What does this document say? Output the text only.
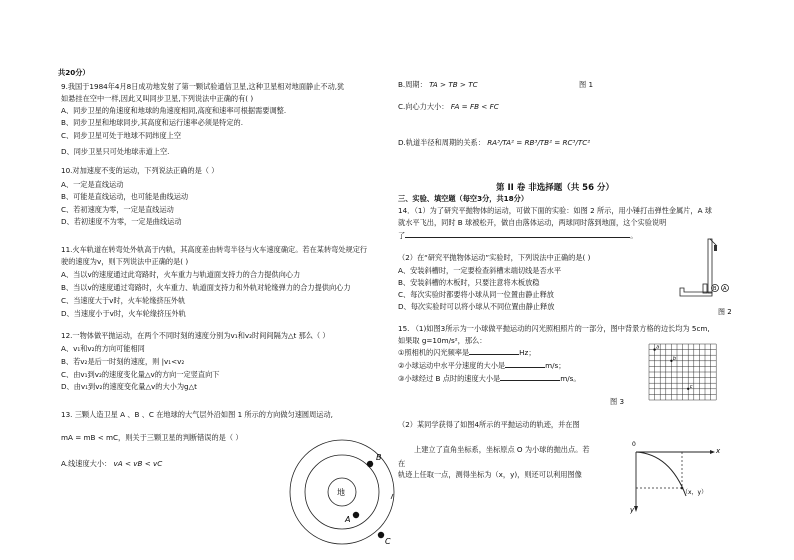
共20分）
9.我国于1984年4月8日成功地发射了第一颗试验通信卫星,这种卫星相对地面静止不动,犹
如悬挂在空中一样,因此又叫同步卫星,下列说法中正确的有( )
A、同步卫星的角速度和地球的角速度相同,高度和速率可根据需要调整.
B、同步卫星和地球同步,其高度和运行速率必须是特定的.
C、同步卫星可处于地球不同纬度上空
D、同步卫星只可处地球赤道上空.
10.对加速度不变的运动，下列说法正确的是（ ）
A、一定是直线运动
B、可能是直线运动，也可能是曲线运动
C、若初速度为零，一定是直线运动
D、若初速度不为零，一定是曲线运动
11.火车轨道在转弯处外轨高于内轨，其高度差由转弯半径与火车速度确定。若在某转弯处规定行
驶的速度为v，则下列说法中正确的是( )
A、当以v的速度通过此弯路时，火车重力与轨道面支持力的合力提供向心力
B、当以v的速度通过弯路时，火车重力、轨道面支持力和外轨对轮缘弹力的合力提供向心力
C、当速度大于v时，火车轮缘挤压外轨
D、当速度小于v时，火车轮缘挤压外轨
12.一物体做平抛运动，在两个不同时刻的速度分别为v₁和v₂时间间隔为△t 那么（ ）
A、v₁和v₂的方向可能相同
B、若v₂是后一时刻的速度，则 |v₁<v₂
C、由v₁到v₂的速度变化量△v的方向一定竖直向下
D、由v₁到v₂的速度变化量△v的大小为g△t
13. 三颗人造卫星 A 、B 、C 在地球的大气层外沿如图 1 所示的方向做匀速圆周运动,
mA = mB < mC，则关于三颗卫星的判断错误的是（ ）
A.线速度大小： vA < vB < vC
地
A
B
C
B.周期： TA > TB > TC	图 1
C.向心力大小： FA = FB < FC
D.轨道半径和周期的关系： RA³/TA² = RB³/TB² = RC³/TC²
第 II 卷 非选择题（共 56 分）
三、实验、填空题（每空3分，共18分）
14．（1）为了研究平抛物体的运动，可做下面的实验：如图 2 所示，用小锤打击弹性金属片，A 球
就水平飞出，同时 B 球被松开，做自由落体运动，两球同时落到地面，这个实验说明
了	。
（2）在“研究平抛物体运动”实验时，下列说法中正确的是( )
A、安装斜槽时，一定要检查斜槽末端切线是否水平
B、安装斜槽的木板时，只要注意将木板放稳
C、每次实验时都要将小球从同一位置由静止释放
D、每次实验时可以将小球从不同位置由静止释放
B A
图 2
15. （1)如图3所示为一小球做平抛运动的闪光照相照片的一部分，图中背景方格的边长均为 5cm,
如果取 g=10m/s²，那么：
①照相机的闪光频率是	Hz；
②小球运动中水平分速度的大小是	m/s；
③小球经过 B 点时的速度大小是	m/s。
a
b
c
图 3
（2）某同学获得了如图4所示的平抛运动的轨迹，并在图
上建立了直角坐标系，坐标原点 O 为小球的抛出点。若
在
轨迹上任取一点，测得坐标为（x，y)，则还可以利用图像
0
x
y
（x，y）
